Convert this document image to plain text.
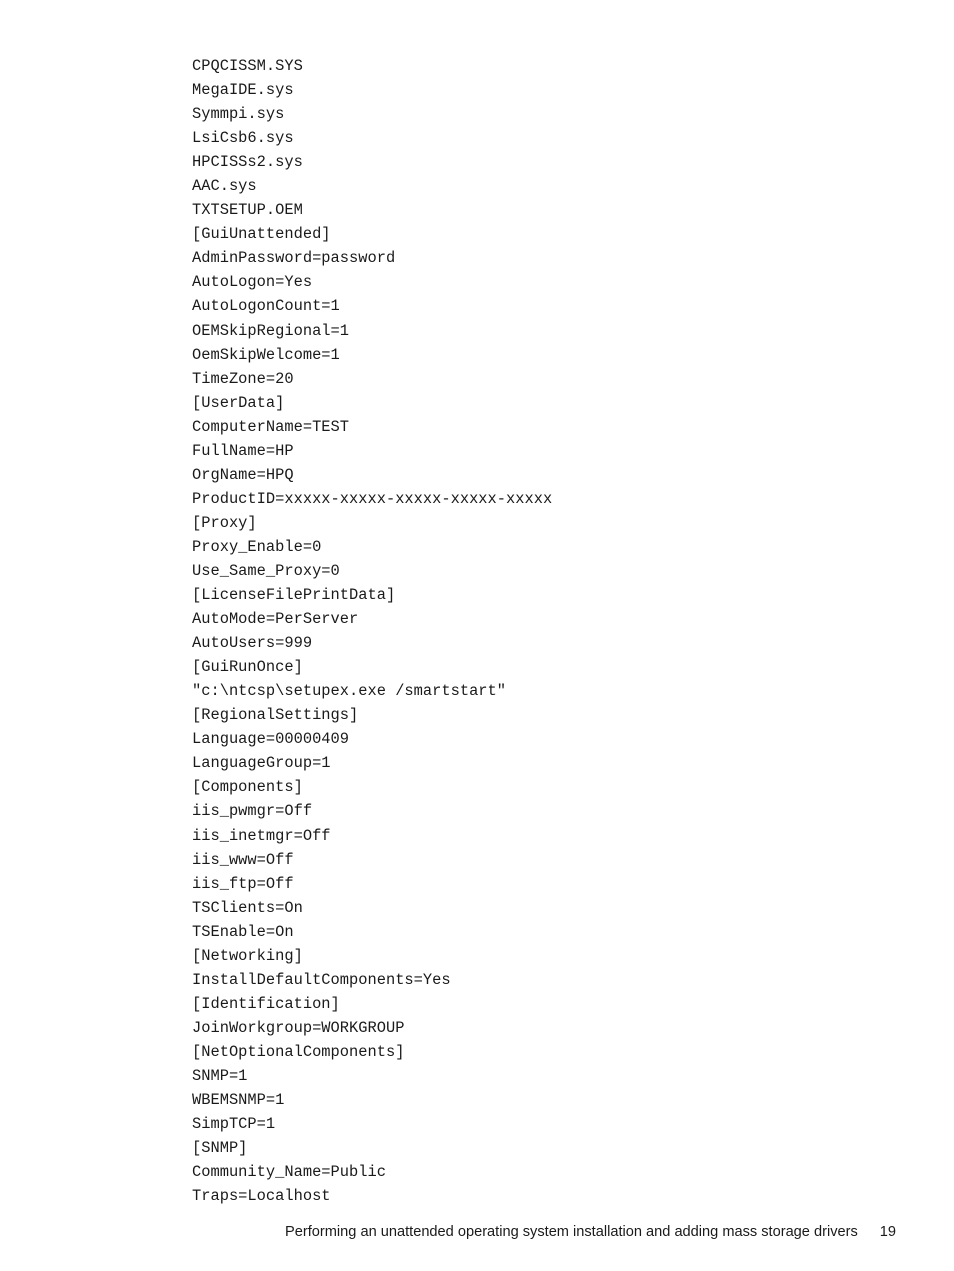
CPQCISSM.SYS
MegaIDE.sys
Symmpi.sys
LsiCsb6.sys
HPCISSs2.sys
AAC.sys
TXTSETUP.OEM
[GuiUnattended]
AdminPassword=password
AutoLogon=Yes
AutoLogonCount=1
OEMSkipRegional=1
OemSkipWelcome=1
TimeZone=20
[UserData]
ComputerName=TEST
FullName=HP
OrgName=HPQ
ProductID=xxxxx-xxxxx-xxxxx-xxxxx-xxxxx
[Proxy]
Proxy_Enable=0
Use_Same_Proxy=0
[LicenseFilePrintData]
AutoMode=PerServer
AutoUsers=999
[GuiRunOnce]
"c:\ntcsp\setupex.exe /smartstart"
[RegionalSettings]
Language=00000409
LanguageGroup=1
[Components]
iis_pwmgr=Off
iis_inetmgr=Off
iis_www=Off
iis_ftp=Off
TSClients=On
TSEnable=On
[Networking]
InstallDefaultComponents=Yes
[Identification]
JoinWorkgroup=WORKGROUP
[NetOptionalComponents]
SNMP=1
WBEMSNMP=1
SimpTCP=1
[SNMP]
Community_Name=Public
Traps=Localhost
Performing an unattended operating system installation and adding mass storage drivers 19
